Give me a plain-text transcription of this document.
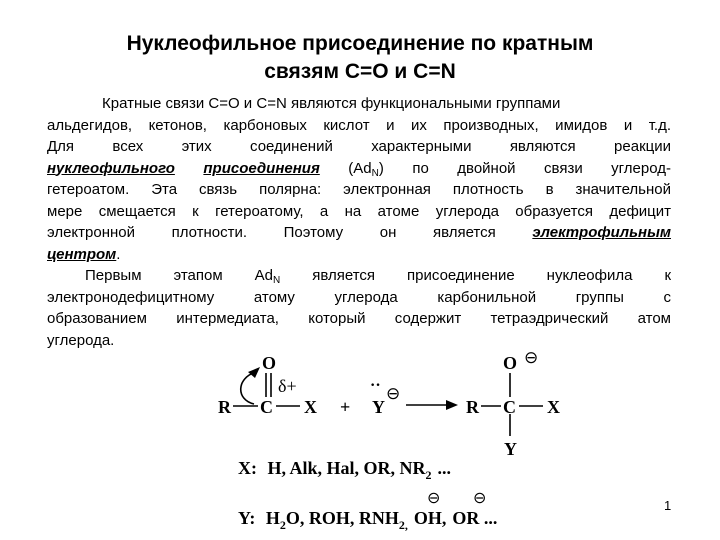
Нуклеофильное присоединение по кратным
связям С=О и С=N
Кратные связи С=О и С=N являются функциональными группами
альдегидов, кетонов, карбоновых кислот и их производных, имидов и т.д.
Для всех этих соединений характерными являются реакции
нуклеофильного присоединения $(Ad_N)$ по двойной связи углерод-
гетероатом. Эта связь полярна: электронная плотность в значительной
мере смещается к гетероатому, а на атоме углерода образуется дефицит
электронной плотности. Поэтому он является электрофильным
центром.
Первым этапом $Ad_N$ является присоединение нуклеофила к
электронодефицитному атому углерода карбонильной группы с
образованием интермедиата, который содержит тетраэдрический атом
углерода.
O
δ+
R C X +
··
Y
⊖
O ⊖
R C X
Y
X: H, Alk, Hal, OR, $NR_2$ ...
⊖ ⊖
Y: $H_2O$, ROH, $RNH_{2,}$ OH, OR ...
1
